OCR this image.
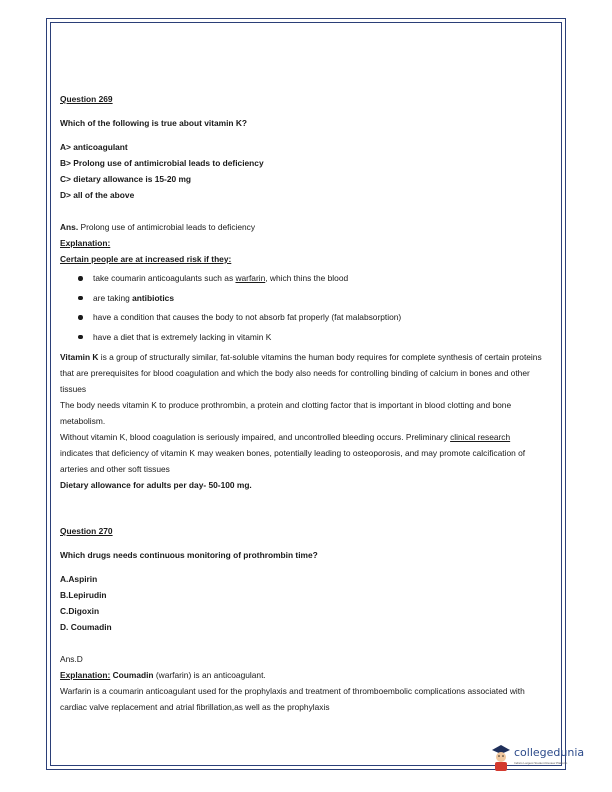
Question 269
Which of the following is true about vitamin K?
A> anticoagulant
B> Prolong use of antimicrobial leads to deficiency
C> dietary allowance is 15-20 mg
D> all of the above
Ans. Prolong use of antimicrobial leads to deficiency
Explanation:
Certain people are at increased risk if they:
take coumarin anticoagulants such as warfarin, which thins the blood
are taking antibiotics
have a condition that causes the body to not absorb fat properly (fat malabsorption)
have a diet that is extremely lacking in vitamin K
Vitamin K is a group of structurally similar, fat-soluble vitamins the human body requires for complete synthesis of certain proteins that are prerequisites for blood coagulation and which the body also needs for controlling binding of calcium in bones and other tissues
The body needs vitamin K to produce prothrombin, a protein and clotting factor that is important in blood clotting and bone metabolism.
Without vitamin K, blood coagulation is seriously impaired, and uncontrolled bleeding occurs. Preliminary clinical research indicates that deficiency of vitamin K may weaken bones, potentially leading to osteoporosis, and may promote calcification of arteries and other soft tissues
Dietary allowance for adults per day- 50-100 mg.
Question 270
Which drugs needs continuous monitoring of prothrombin time?
A.Aspirin
B.Lepirudin
C.Digoxin
D. Coumadin
Ans.D
Explanation: Coumadin (warfarin) is an anticoagulant.
Warfarin is a coumarin anticoagulant used for the prophylaxis and treatment of thromboembolic complications associated with cardiac valve replacement and atrial fibrillation,as well as the prophylaxis
collegedunia
India's Largest Student Review Platform
